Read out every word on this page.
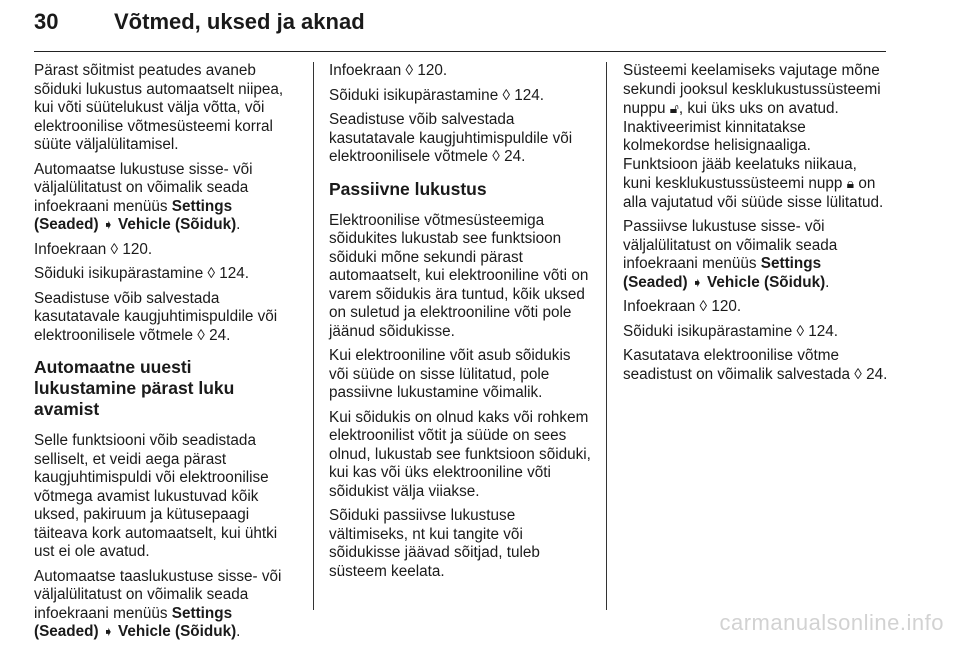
30	Võtmed, uksed ja aknad

Pärast sõitmist peatudes avaneb sõiduki lukustus automaatselt niipea, kui võti süütelukust välja võtta, või elektroonilise võtmesüsteemi korral süüte väljalülitamisel.

Automaatse lukustuse sisse- või väljalülitatust on võimalik seada infoekraani menüüs Settings (Seaded) ➧ Vehicle (Sõiduk).

Infoekraan ◊ 120.

Sõiduki isikupärastamine ◊ 124.

Seadistuse võib salvestada kasutatavale kaugjuhtimispuldile või elektroonilisele võtmele ◊ 24.

Automaatne uuesti lukustamine pärast luku avamist

Selle funktsiooni võib seadistada selliselt, et veidi aega pärast kaugjuhtimispuldi või elektroonilise võtmega avamist lukustuvad kõik uksed, pakiruum ja kütusepaagi täiteava kork automaatselt, kui ühtki ust ei ole avatud.

Automaatse taaslukustuse sisse- või väljalülitatust on võimalik seada infoekraani menüüs Settings (Seaded) ➧ Vehicle (Sõiduk).

Infoekraan ◊ 120.

Sõiduki isikupärastamine ◊ 124.

Seadistuse võib salvestada kasutatavale kaugjuhtimispuldile või elektroonilisele võtmele ◊ 24.

Passiivne lukustus

Elektroonilise võtmesüsteemiga sõidukites lukustab see funktsioon sõiduki mõne sekundi pärast automaatselt, kui elektrooniline võti on varem sõidukis ära tuntud, kõik uksed on suletud ja elektrooniline võti pole jäänud sõidukisse.

Kui elektrooniline võit asub sõidukis või süüde on sisse lülitatud, pole passiivne lukustamine võimalik.

Kui sõidukis on olnud kaks või rohkem elektroonilist võtit ja süüde on sees olnud, lukustab see funktsioon sõiduki, kui kas või üks elektrooniline võti sõidukist välja viiakse.

Sõiduki passiivse lukustuse vältimiseks, nt kui tangite või sõidukisse jäävad sõitjad, tuleb süsteem keelata.

Süsteemi keelamiseks vajutage mõne sekundi jooksul kesklukustussüsteemi nuppu 🔓︎, kui üks uks on avatud. Inaktiveerimist kinnitatakse kolmekordse helisignaaliga. Funktsioon jääb keelatuks niikaua, kuni kesklukustussüsteemi nupp 🔒︎ on alla vajutatud või süüde sisse lülitatud.

Passiivse lukustuse sisse- või väljalülitatust on võimalik seada infoekraani menüüs Settings (Seaded) ➧ Vehicle (Sõiduk).

Infoekraan ◊ 120.

Sõiduki isikupärastamine ◊ 124.

Kasutatava elektroonilise võtme seadistust on võimalik salvestada ◊ 24.

carmanualsonline.info
